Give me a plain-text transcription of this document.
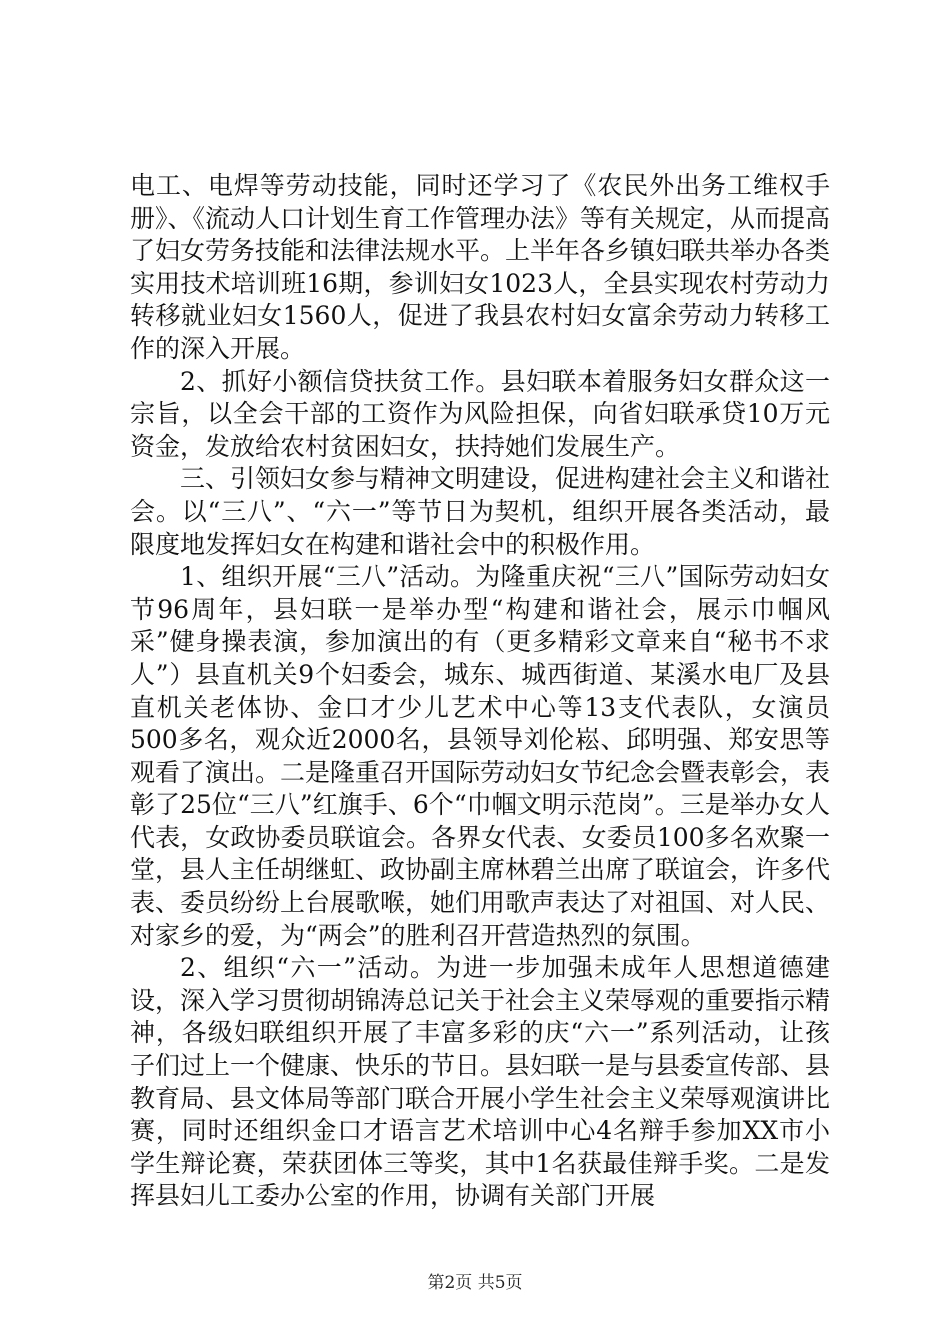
电工、电焊等劳动技能，同时还学习了《农民外出务工维权手册》、《流动人口计划生育工作管理办法》等有关规定，从而提高了妇女劳务技能和法律法规水平。上半年各乡镇妇联共举办各类实用技术培训班16期，参训妇女1023人，全县实现农村劳动力转移就业妇女1560人，促进了我县农村妇女富余劳动力转移工作的深入开展。

2、抓好小额信贷扶贫工作。县妇联本着服务妇女群众这一宗旨，以全会干部的工资作为风险担保，向省妇联承贷10万元资金，发放给农村贫困妇女，扶持她们发展生产。

三、引领妇女参与精神文明建设，促进构建社会主义和谐社会。以“三八”、“六一”等节日为契机，组织开展各类活动，最限度地发挥妇女在构建和谐社会中的积极作用。

1、组织开展“三八”活动。为隆重庆祝“三八”国际劳动妇女节96周年，县妇联一是举办型“构建和谐社会，展示巾帼风采”健身操表演，参加演出的有（更多精彩文章来自“秘书不求人”）县直机关9个妇委会，城东、城西街道、某溪水电厂及县直机关老体协、金口才少儿艺术中心等13支代表队，女演员500多名，观众近2000名，县领导刘伦崧、邱明强、郑安思等观看了演出。二是隆重召开国际劳动妇女节纪念会暨表彰会，表彰了25位“三八”红旗手、6个“巾帼文明示范岗”。三是举办女人代表，女政协委员联谊会。各界女代表、女委员100多名欢聚一堂，县人主任胡继虹、政协副主席林碧兰出席了联谊会，许多代表、委员纷纷上台展歌喉，她们用歌声表达了对祖国、对人民、对家乡的爱，为“两会”的胜利召开营造热烈的氛围。

2、组织“六一”活动。为进一步加强未成年人思想道德建设，深入学习贯彻胡锦涛总记关于社会主义荣辱观的重要指示精神，各级妇联组织开展了丰富多彩的庆“六一”系列活动，让孩子们过上一个健康、快乐的节日。县妇联一是与县委宣传部、县教育局、县文体局等部门联合开展小学生社会主义荣辱观演讲比赛，同时还组织金口才语言艺术培训中心4名辩手参加XX市小学生辩论赛，荣获团体三等奖，其中1名获最佳辩手奖。二是发挥县妇儿工委办公室的作用，协调有关部门开展

第2页 共5页
